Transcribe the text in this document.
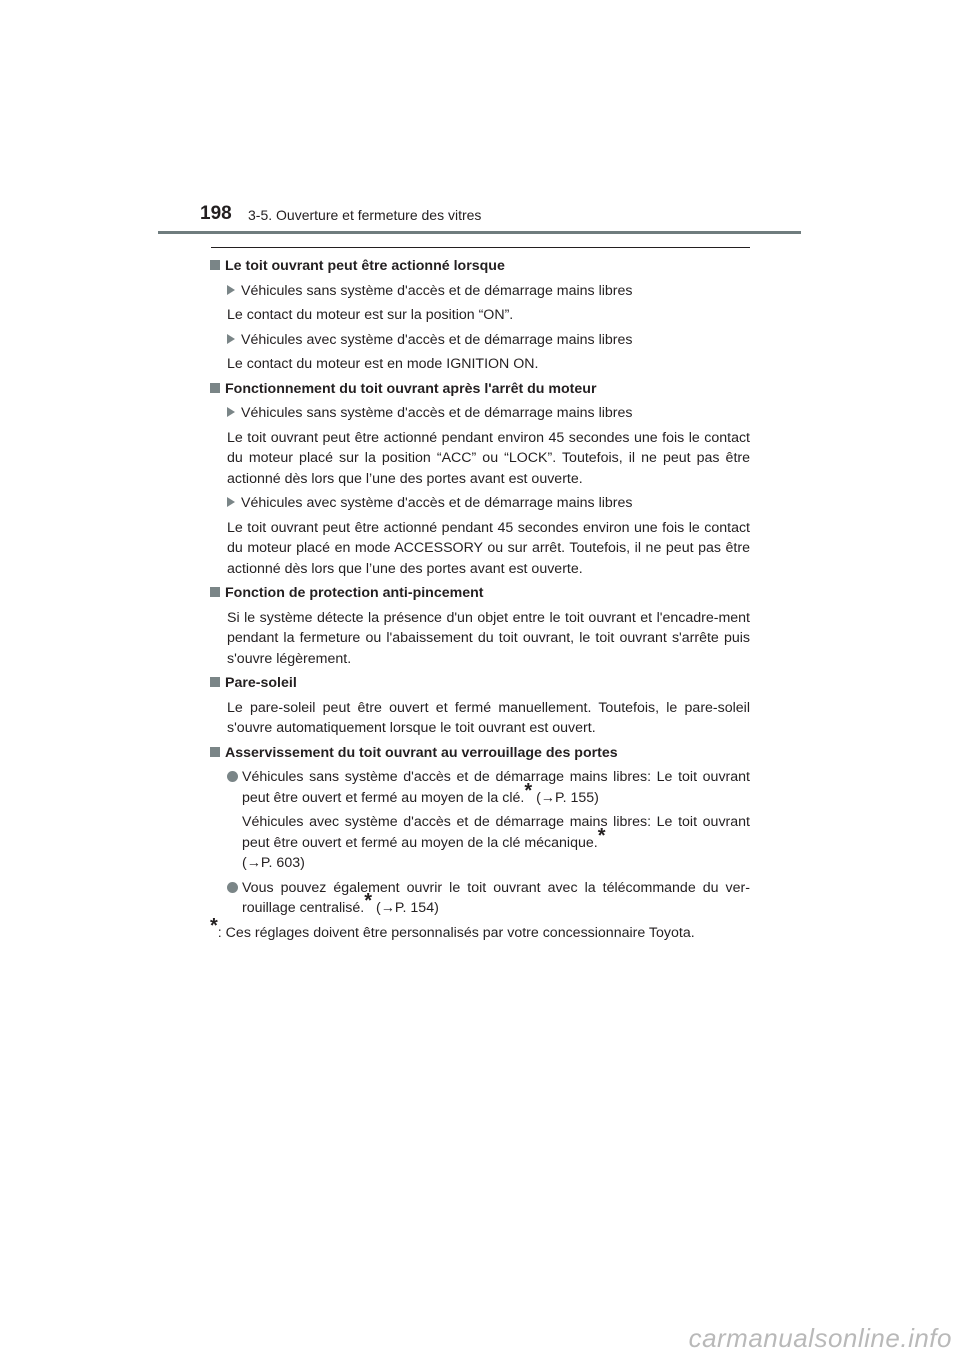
198 3-5. Ouverture et fermeture des vitres
Le toit ouvrant peut être actionné lorsque
Véhicules sans système d'accès et de démarrage mains libres
Le contact du moteur est sur la position “ON”.
Véhicules avec système d'accès et de démarrage mains libres
Le contact du moteur est en mode IGNITION ON.
Fonctionnement du toit ouvrant après l'arrêt du moteur
Véhicules sans système d'accès et de démarrage mains libres
Le toit ouvrant peut être actionné pendant environ 45 secondes une fois le contact du moteur placé sur la position “ACC” ou “LOCK”. Toutefois, il ne peut pas être actionné dès lors que l’une des portes avant est ouverte.
Véhicules avec système d'accès et de démarrage mains libres
Le toit ouvrant peut être actionné pendant 45 secondes environ une fois le contact du moteur placé en mode ACCESSORY ou sur arrêt. Toutefois, il ne peut pas être actionné dès lors que l’une des portes avant est ouverte.
Fonction de protection anti-pincement
Si le système détecte la présence d'un objet entre le toit ouvrant et l'encadre-ment pendant la fermeture ou l'abaissement du toit ouvrant, le toit ouvrant s'arrête puis s'ouvre légèrement.
Pare-soleil
Le pare-soleil peut être ouvert et fermé manuellement. Toutefois, le pare-soleil s'ouvre automatiquement lorsque le toit ouvrant est ouvert.
Asservissement du toit ouvrant au verrouillage des portes
Véhicules sans système d'accès et de démarrage mains libres: Le toit ouvrant peut être ouvert et fermé au moyen de la clé.* (→P. 155)
Véhicules avec système d'accès et de démarrage mains libres: Le toit ouvrant peut être ouvert et fermé au moyen de la clé mécanique.*
(→P. 603)
Vous pouvez également ouvrir le toit ouvrant avec la télécommande du ver-rouillage centralisé.* (→P. 154)
*: Ces réglages doivent être personnalisés par votre concessionnaire Toyota.
carmanualsonline.info
